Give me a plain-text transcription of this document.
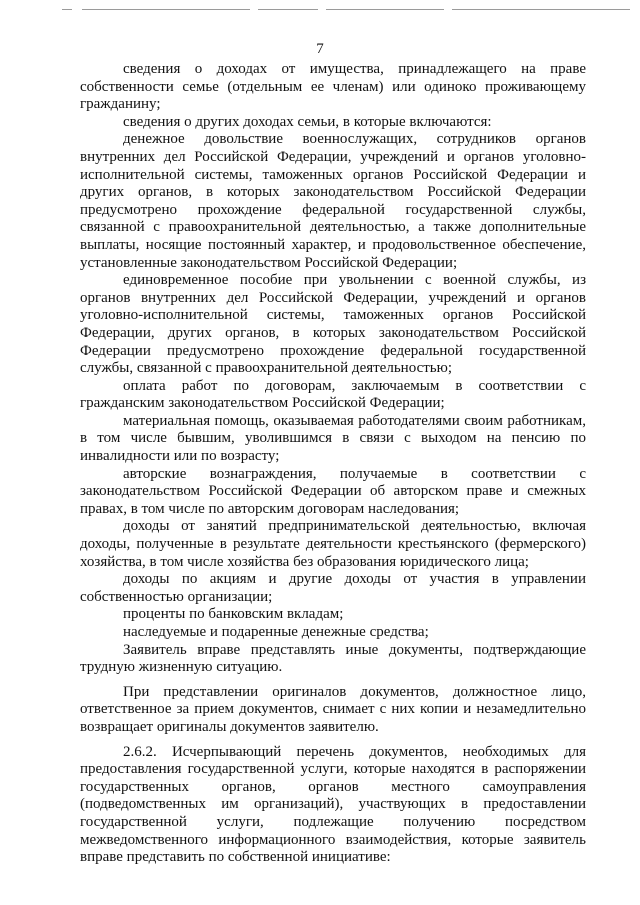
7

сведения о доходах от имущества, принадлежащего на праве собственности семье (отдельным ее членам) или одиноко проживающему гражданину;

сведения о других доходах семьи, в которые включаются:

денежное довольствие военнослужащих, сотрудников органов внутренних дел Российской Федерации, учреждений и органов уголовно-исполнительной системы, таможенных органов Российской Федерации и других органов, в которых законодательством Российской Федерации предусмотрено прохождение федеральной государственной службы, связанной с правоохранительной деятельностью, а также дополнительные выплаты, носящие постоянный характер, и продовольственное обеспечение, установленные законодательством Российской Федерации;

единовременное пособие при увольнении с военной службы, из органов внутренних дел Российской Федерации, учреждений и органов уголовно-исполнительной системы, таможенных органов Российской Федерации, других органов, в которых законодательством Российской Федерации предусмотрено прохождение федеральной государственной службы, связанной с правоохранительной деятельностью;

оплата работ по договорам, заключаемым в соответствии с гражданским законодательством Российской Федерации;

материальная помощь, оказываемая работодателями своим работникам, в том числе бывшим, уволившимся в связи с выходом на пенсию по инвалидности или по возрасту;

авторские вознаграждения, получаемые в соответствии с законодательством Российской Федерации об авторском праве и смежных правах, в том числе по авторским договорам наследования;

доходы от занятий предпринимательской деятельностью, включая доходы, полученные в результате деятельности крестьянского (фермерского) хозяйства, в том числе хозяйства без образования юридического лица;

доходы по акциям и другие доходы от участия в управлении собственностью организации;

проценты по банковским вкладам;

наследуемые и подаренные денежные средства;

Заявитель вправе представлять иные документы, подтверждающие трудную жизненную ситуацию.

При представлении оригиналов документов, должностное лицо, ответственное за прием документов, снимает с них копии и незамедлительно возвращает оригиналы документов заявителю.

2.6.2. Исчерпывающий перечень документов, необходимых для предоставления государственной услуги, которые находятся в распоряжении государственных органов, органов местного самоуправления (подведомственных им организаций), участвующих в предоставлении государственной услуги, подлежащие получению посредством межведомственного информационного взаимодействия, которые заявитель вправе представить по собственной инициативе:
